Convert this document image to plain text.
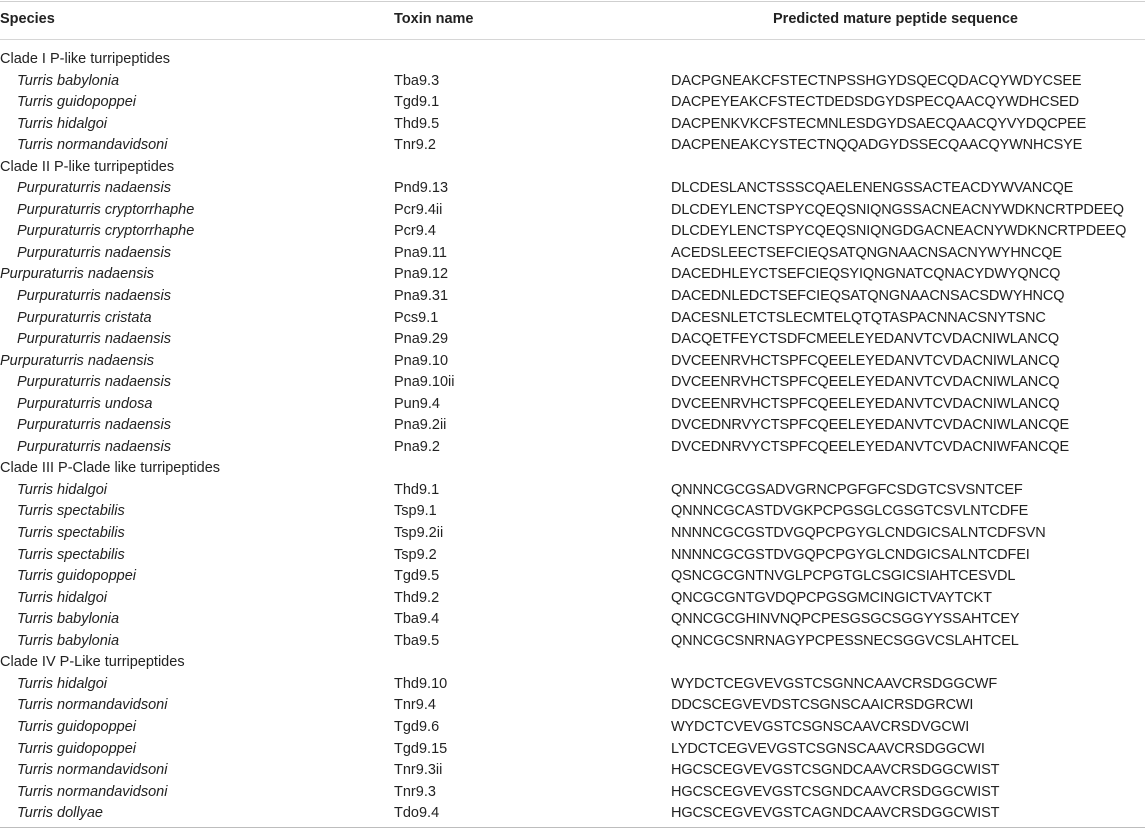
Species	Toxin name	Predicted mature peptide sequence
Clade I P-like turripeptides
Turris babylonia	Tba9.3	DACPGNEAKCFSTECTNPSSHGYDSQECQDACQYWDYCSEE
Turris guidopoppei	Tgd9.1	DACPEYEAKCFSTECTDEDSDGYDSPECQAACQYWDHCSED
Turris hidalgoi	Thd9.5	DACPENKVKCFSTECMNLESDGYDSAECQAACQYVYDQCPEE
Turris normandavidsoni	Tnr9.2	DACPENEAKCYSTECTNQQADGYDSSECQAACQYWNHCSYE
Clade II P-like turripeptides
Purpuraturris nadaensis	Pnd9.13	DLCDESLANCTSSSCQAELENENGSSACTEACDYWVANCQE
Purpuraturris cryptorrhaphe	Pcr9.4ii	DLCDEYLENCTSPYCQEQSNIQNGSSACNEACNYWDKNCRTPDEEQ
Purpuraturris cryptorrhaphe	Pcr9.4	DLCDEYLENCTSPYCQEQSNIQNGDGACNEACNYWDKNCRTPDEEQ
Purpuraturris nadaensis	Pna9.11	ACEDSLEECTSEFCIEQSATQNGNAACNSACNYWYHNCQE
Purpuraturris nadaensis	Pna9.12	DACEDHLEYCTSEFCIEQSYIQNGNATCQNACYDWYQNCQ
Purpuraturris nadaensis	Pna9.31	DACEDNLEDCTSEFCIEQSATQNGNAACNSACSDWYHNCQ
Purpuraturris cristata	Pcs9.1	DACESNLETCTSLECMTELQTQTASPACNNACSNYTSNC
Purpuraturris nadaensis	Pna9.29	DACQETFEYCTSDFCMEELEYEDANVTCVDACNIWLANCQ
Purpuraturris nadaensis	Pna9.10	DVCEENRVHCTSPFCQEELEYEDANVTCVDACNIWLANCQ
Purpuraturris nadaensis	Pna9.10ii	DVCEENRVHCTSPFCQEELEYEDANVTCVDACNIWLANCQ
Purpuraturris undosa	Pun9.4	DVCEENRVHCTSPFCQEELEYEDANVTCVDACNIWLANCQ
Purpuraturris nadaensis	Pna9.2ii	DVCEDNRVYCTSPFCQEELEYEDANVTCVDACNIWLANCQE
Purpuraturris nadaensis	Pna9.2	DVCEDNRVYCTSPFCQEELEYEDANVTCVDACNIWFANCQE
Clade III P-Clade like turripeptides
Turris hidalgoi	Thd9.1	QNNNCGCGSADVGRNCPGFGFCSDGTCSVSNTCEF
Turris spectabilis	Tsp9.1	QNNNCGCASTDVGKPCPGSGLCGSGTCSVLNTCDFE
Turris spectabilis	Tsp9.2ii	NNNNCGCGSTDVGQPCPGYGLCNDGICSALNTCDFSVN
Turris spectabilis	Tsp9.2	NNNNCGCGSTDVGQPCPGYGLCNDGICSALNTCDFEI
Turris guidopoppei	Tgd9.5	QSNCGCGNTNVGLPCPGTGLCSGICSIAHTCESVDL
Turris hidalgoi	Thd9.2	QNCGCGNTGVDQPCPGSGMCINGICTVAYTCKT
Turris babylonia	Tba9.4	QNNCGCGHINVNQPCPESGSGCSGGYYSSAHTCEY
Turris babylonia	Tba9.5	QNNCGCSNRNAGYPCPESSNECSGGVCSLAHTCEL
Clade IV P-Like turripeptides
Turris hidalgoi	Thd9.10	WYDCTCEGVEVGSTCSGNNCAAVCRSDGGCWF
Turris normandavidsoni	Tnr9.4	DDCSCEGVEVDSTCSGNSCAAICRSDGRCWI
Turris guidopoppei	Tgd9.6	WYDCTCVEVGSTCSGNSCAAVCRSDVGCWI
Turris guidopoppei	Tgd9.15	LYDCTCEGVEVGSTCSGNSCAAVCRSDGGCWI
Turris normandavidsoni	Tnr9.3ii	HGCSCEGVEVGSTCSGNDCAAVCRSDGGCWIST
Turris normandavidsoni	Tnr9.3	HGCSCEGVEVGSTCSGNDCAAVCRSDGGCWIST
Turris dollyae	Tdo9.4	HGCSCEGVEVGSTCAGNDCAAVCRSDGGCWIST
